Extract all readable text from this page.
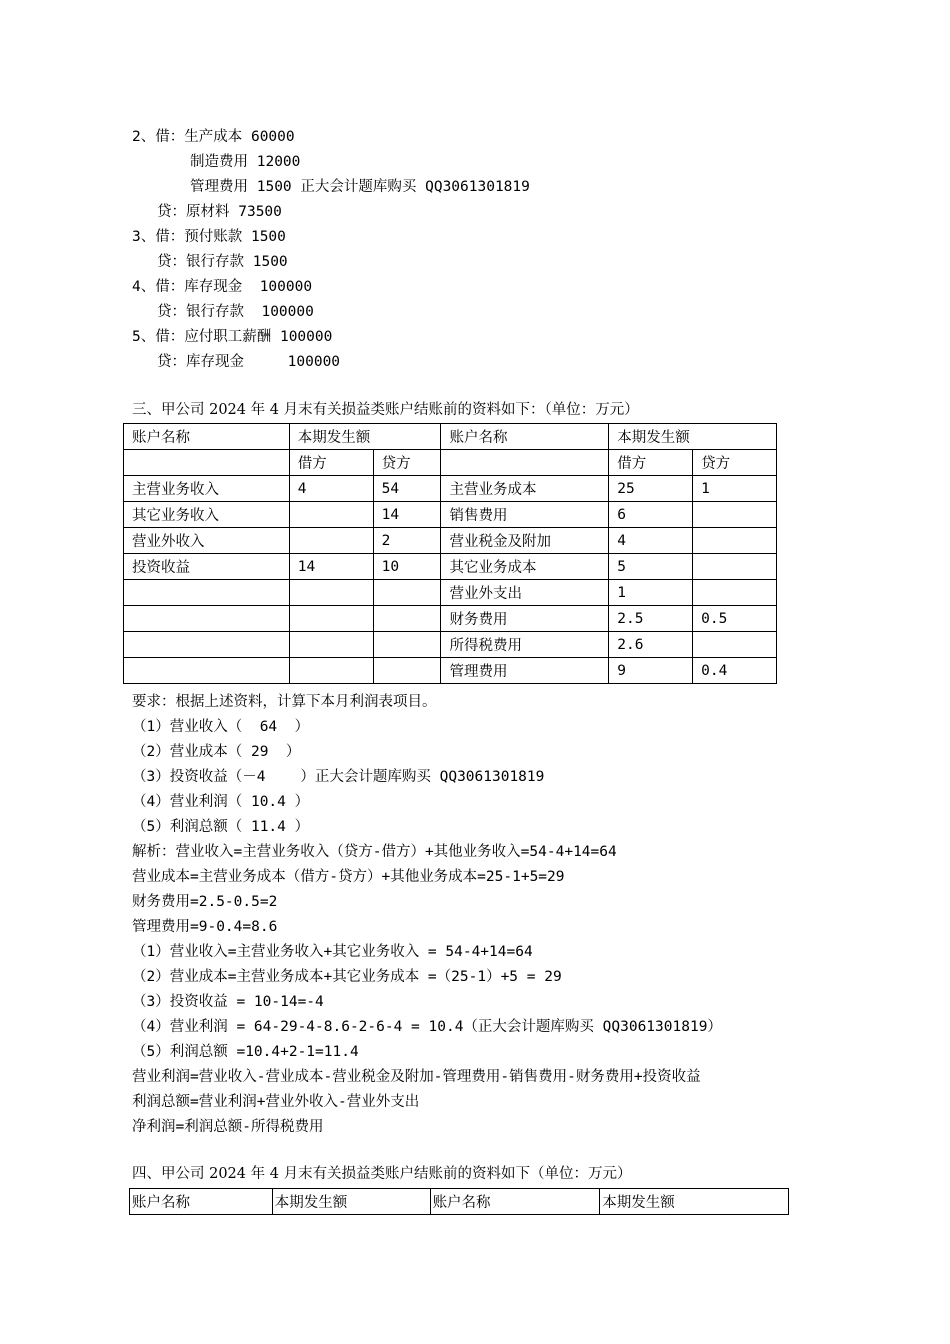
2、借：生产成本 60000
制造费用 12000
管理费用 1500 正大会计题库购买 QQ3061301819
贷：原材料 73500
3、借：预付账款 1500
贷：银行存款 1500
4、借：库存现金  100000
贷：银行存款  100000
5、借：应付职工薪酬 100000
贷：库存现金     100000
三、甲公司 2024 年 4 月末有关损益类账户结账前的资料如下：（单位：万元）
账户名称	本期发生额		账户名称	本期发生额	
	借方	贷方		借方	贷方
主营业务收入	4	54	主营业务成本	25	1
其它业务收入		14	销售费用	6	
营业外收入		2	营业税金及附加	4	
投资收益	14	10	其它业务成本	5	
			营业外支出	1	
			财务费用	2.5	0.5
			所得税费用	2.6	
			管理费用	9	0.4
要求：根据上述资料，计算下本月利润表项目。
（1）营业收入（  64  ）
（2）营业成本（ 29  ）
（3）投资收益（－4    ）正大会计题库购买 QQ3061301819
（4）营业利润（ 10.4 ）
（5）利润总额（ 11.4 ）
解析：营业收入=主营业务收入（贷方-借方）+其他业务收入=54-4+14=64
营业成本=主营业务成本（借方-贷方）+其他业务成本=25-1+5=29
财务费用=2.5-0.5=2
管理费用=9-0.4=8.6
（1）营业收入=主营业务收入+其它业务收入 = 54-4+14=64
（2）营业成本=主营业务成本+其它业务成本 =（25-1）+5 = 29
（3）投资收益 = 10-14=-4
（4）营业利润 = 64-29-4-8.6-2-6-4 = 10.4（正大会计题库购买 QQ3061301819）
（5）利润总额 =10.4+2-1=11.4
营业利润=营业收入-营业成本-营业税金及附加-管理费用-销售费用-财务费用+投资收益
利润总额=营业利润+营业外收入-营业外支出
净利润=利润总额-所得税费用
四、甲公司 2024 年 4 月末有关损益类账户结账前的资料如下（单位：万元）
账户名称	本期发生额	账户名称	本期发生额
